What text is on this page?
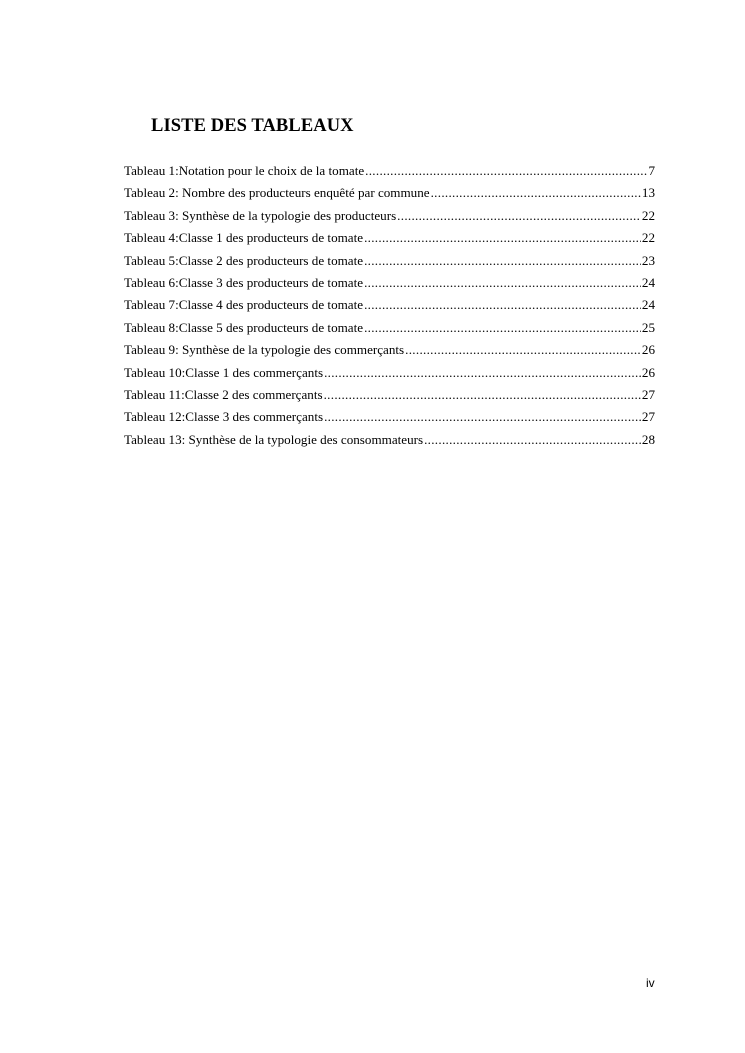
LISTE DES TABLEAUX
Tableau 1:Notation pour le choix de la tomate .....	7
Tableau 2: Nombre des producteurs enquêté par commune .....	13
Tableau 3: Synthèse de la typologie des producteurs .....	22
Tableau 4:Classe 1 des producteurs de tomate .....	22
Tableau 5:Classe 2 des producteurs de tomate .....	23
Tableau 6:Classe 3 des producteurs de tomate .....	24
Tableau 7:Classe 4 des producteurs de tomate .....	24
Tableau 8:Classe 5 des producteurs de tomate .....	25
Tableau 9: Synthèse de la typologie des commerçants .....	26
Tableau 10:Classe 1 des commerçants .....	26
Tableau 11:Classe 2 des commerçants .....	27
Tableau 12:Classe 3 des commerçants .....	27
Tableau 13: Synthèse de la typologie des consommateurs .....	28
iv
